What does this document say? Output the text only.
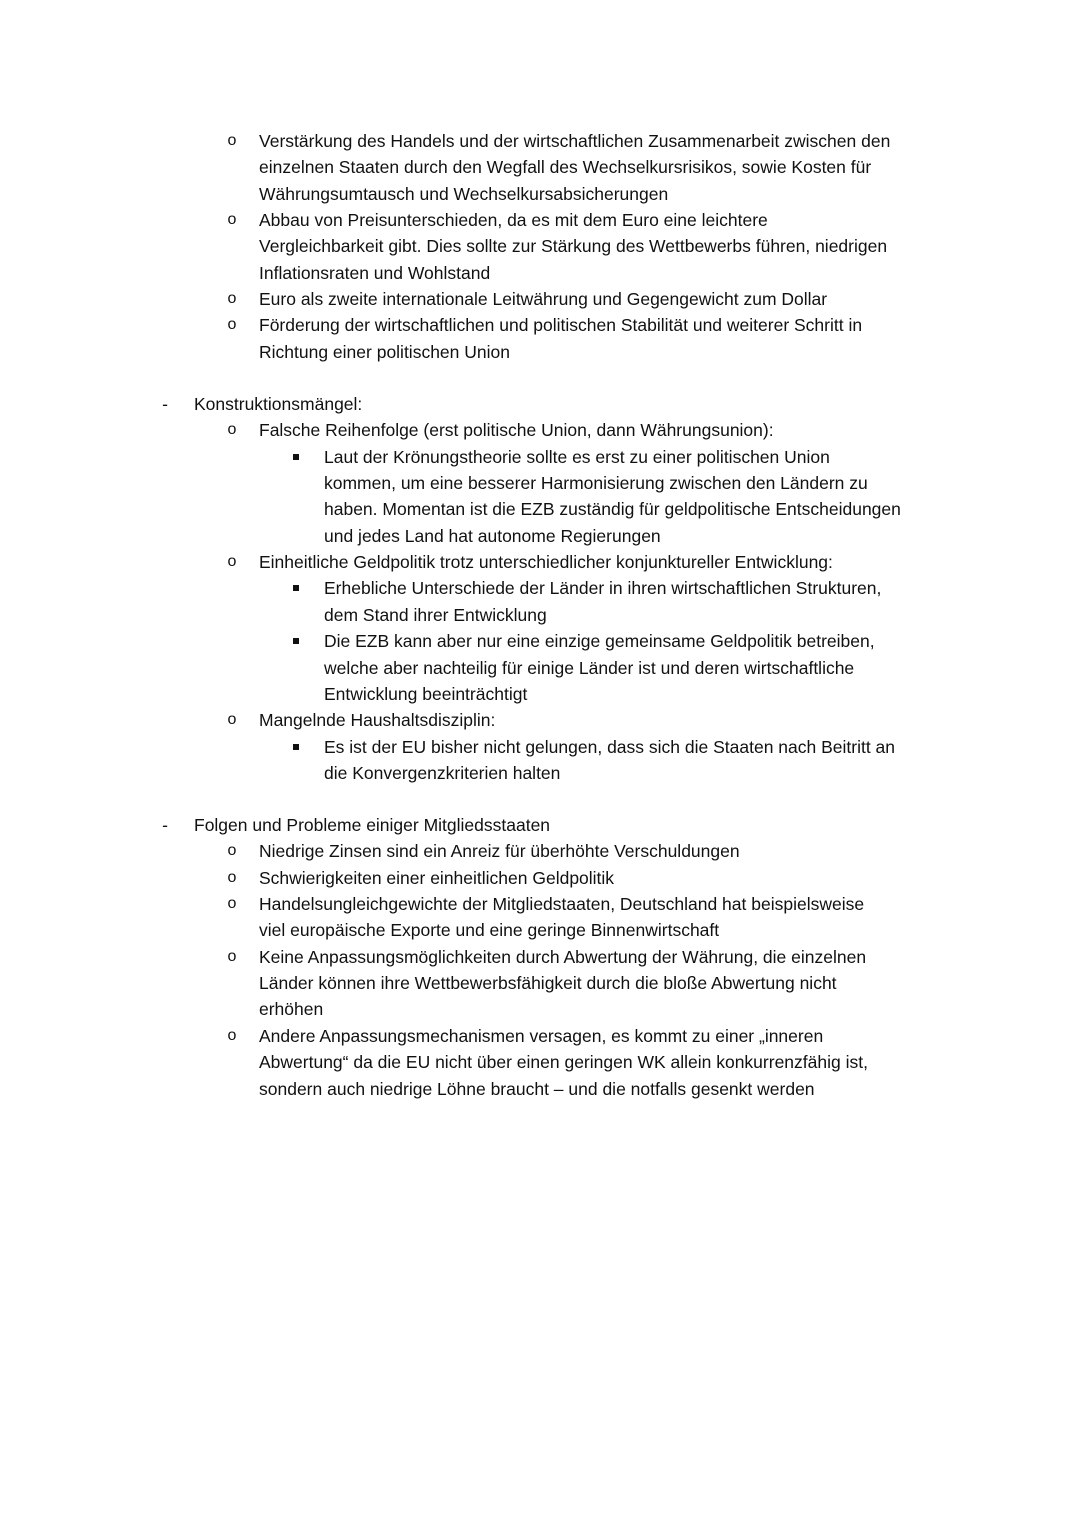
o Verstärkung des Handels und der wirtschaftlichen Zusammenarbeit zwischen den
einzelnen Staaten durch den Wegfall des Wechselkursrisikos, sowie Kosten für
Währungsumtausch und Wechselkursabsicherungen
o Abbau von Preisunterschieden, da es mit dem Euro eine leichtere
Vergleichbarkeit gibt. Dies sollte zur Stärkung des Wettbewerbs führen, niedrigen
Inflationsraten und Wohlstand
o Euro als zweite internationale Leitwährung und Gegengewicht zum Dollar
o Förderung der wirtschaftlichen und politischen Stabilität und weiterer Schritt in
Richtung einer politischen Union
- Konstruktionsmängel:
o Falsche Reihenfolge (erst politische Union, dann Währungsunion):
Laut der Krönungstheorie sollte es erst zu einer politischen Union
kommen, um eine besserer Harmonisierung zwischen den Ländern zu
haben. Momentan ist die EZB zuständig für geldpolitische Entscheidungen
und jedes Land hat autonome Regierungen
o Einheitliche Geldpolitik trotz unterschiedlicher konjunktureller Entwicklung:
Erhebliche Unterschiede der Länder in ihren wirtschaftlichen Strukturen,
dem Stand ihrer Entwicklung
Die EZB kann aber nur eine einzige gemeinsame Geldpolitik betreiben,
welche aber nachteilig für einige Länder ist und deren wirtschaftliche
Entwicklung beeinträchtigt
o Mangelnde Haushaltsdisziplin:
Es ist der EU bisher nicht gelungen, dass sich die Staaten nach Beitritt an
die Konvergenzkriterien halten
- Folgen und Probleme einiger Mitgliedsstaaten
o Niedrige Zinsen sind ein Anreiz für überhöhte Verschuldungen
o Schwierigkeiten einer einheitlichen Geldpolitik
o Handelsungleichgewichte der Mitgliedstaaten, Deutschland hat beispielsweise
viel europäische Exporte und eine geringe Binnenwirtschaft
o Keine Anpassungsmöglichkeiten durch Abwertung der Währung, die einzelnen
Länder können ihre Wettbewerbsfähigkeit durch die bloße Abwertung nicht
erhöhen
o Andere Anpassungsmechanismen versagen, es kommt zu einer „inneren
Abwertung“ da die EU nicht über einen geringen WK allein konkurrenzfähig ist,
sondern auch niedrige Löhne braucht – und die notfalls gesenkt werden
